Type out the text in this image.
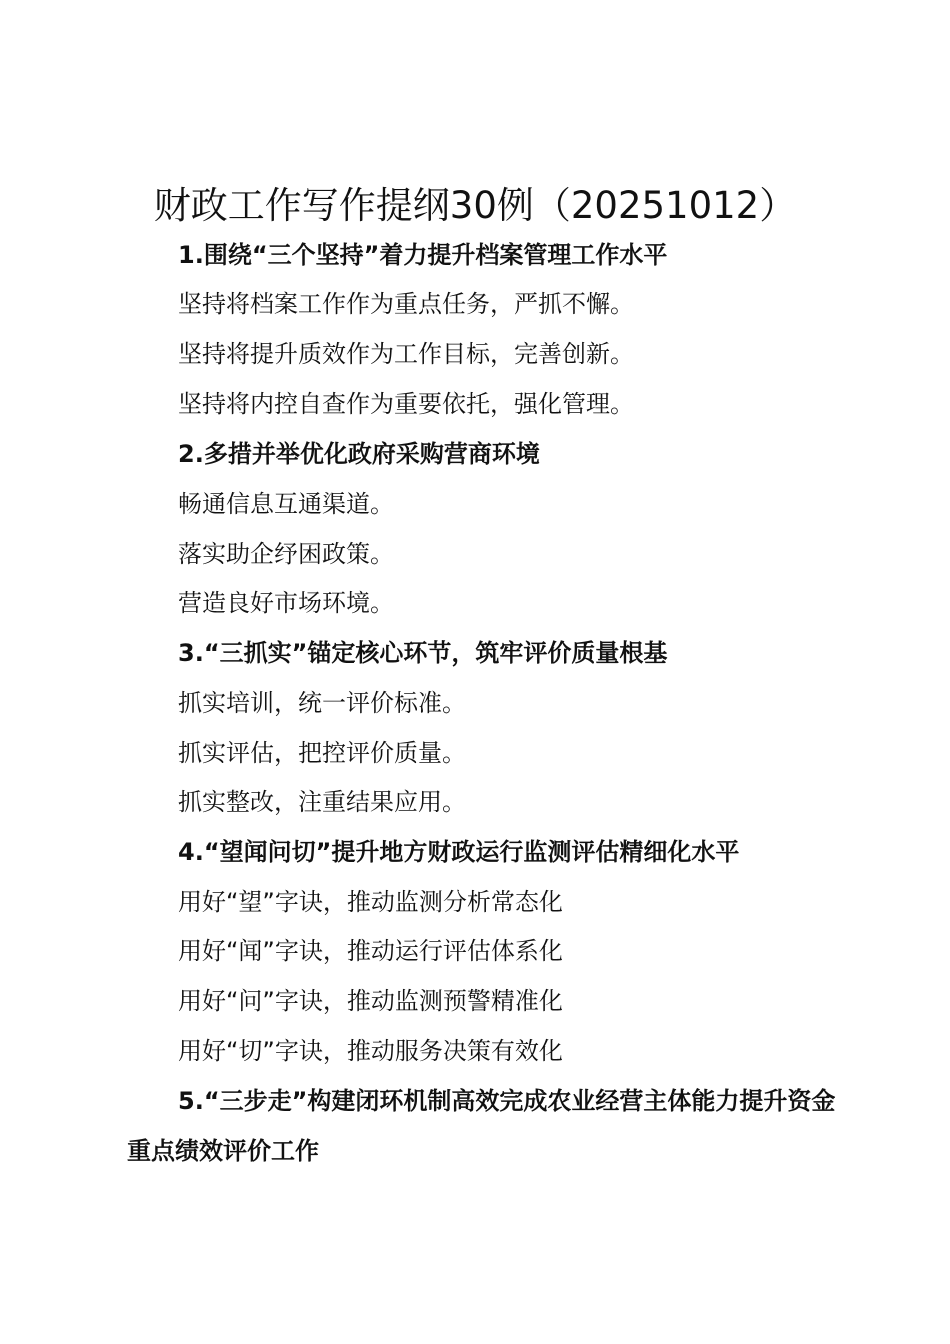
财政工作写作提纲30例（20251012）
1.围绕“三个坚持”着力提升档案管理工作水平
坚持将档案工作作为重点任务，严抓不懈。
坚持将提升质效作为工作目标，完善创新。
坚持将内控自查作为重要依托，强化管理。
2.多措并举优化政府采购营商环境
畅通信息互通渠道。
落实助企纾困政策。
营造良好市场环境。
3.“三抓实”锚定核心环节，筑牢评价质量根基
抓实培训，统一评价标准。
抓实评估，把控评价质量。
抓实整改，注重结果应用。
4.“望闻问切”提升地方财政运行监测评估精细化水平
用好“望”字诀，推动监测分析常态化
用好“闻”字诀，推动运行评估体系化
用好“问”字诀，推动监测预警精准化
用好“切”字诀，推动服务决策有效化
5.“三步走”构建闭环机制高效完成农业经营主体能力提升资金重点绩效评价工作
